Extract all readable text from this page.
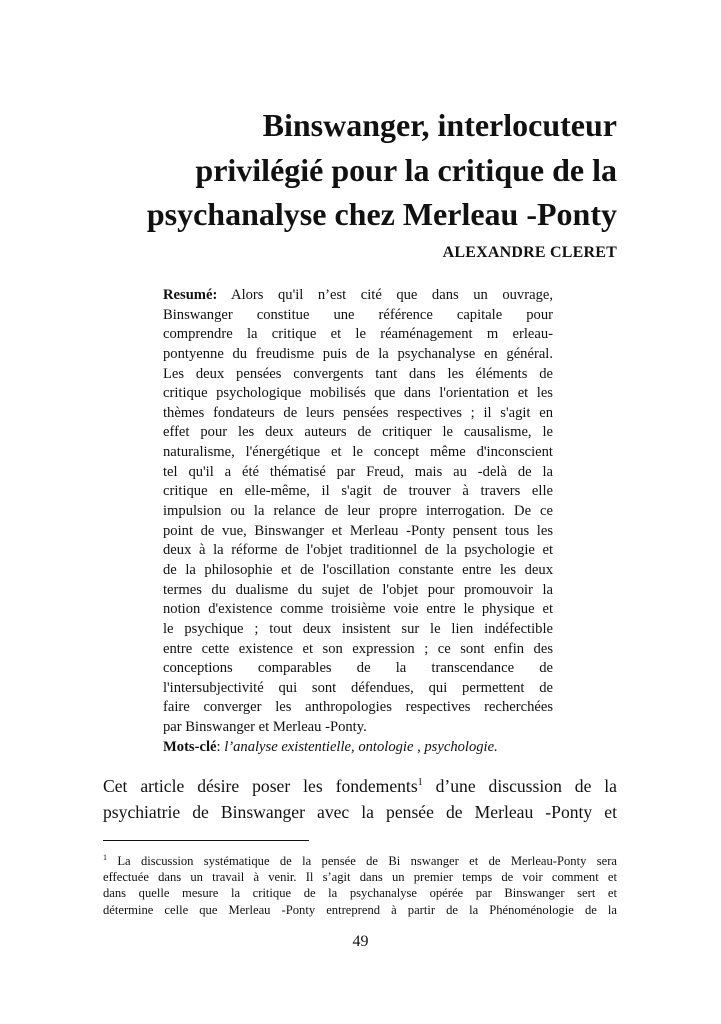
Binswanger, interlocuteur
privilégié pour la critique de la
psychanalyse chez Merleau -Ponty

ALEXANDRE CLERET

Resumé: Alors qu'il n’est cité que dans un ouvrage,
Binswanger constitue une référence capitale pour
comprendre la critique et le réaménagement m erleau-
pontyenne du freudisme puis de la psychanalyse en général.
Les deux pensées convergents tant dans les éléments de
critique psychologique mobilisés que dans l'orientation et les
thèmes fondateurs de leurs pensées respectives ; il s'agit en
effet pour les deux auteurs de critiquer le causalisme, le
naturalisme, l'énergétique et le concept même d'inconscient
tel qu'il a été thématisé par Freud, mais au -delà de la
critique en elle-même, il s'agit de trouver à travers elle
impulsion ou la relance de leur propre interrogation. De ce
point de vue, Binswanger et Merleau -Ponty pensent tous les
deux à la réforme de l'objet traditionnel de la psychologie et
de la philosophie et de l'oscillation constante entre les deux
termes du dualisme du sujet de l'objet pour promouvoir la
notion d'existence comme troisième voie entre le physique et
le psychique ; tout deux insistent sur le lien indéfectible
entre cette existence et son expression ; ce sont enfin des
conceptions comparables de la transcendance de
l'intersubjectivité qui sont défendues, qui permettent de
faire converger les anthropologies respectives recherchées
par Binswanger et Merleau -Ponty.
Mots-clé: l’analyse existentielle, ontologie , psychologie.
Cet article désire poser les fondements$^1$ d’une discussion de la
psychiatrie de Binswanger avec la pensée de Merleau -Ponty et
$^1$ La discussion systématique de la pensée de Bi nswanger et de Merleau-Ponty sera
effectuée dans un travail à venir. Il s’agit dans un premier temps de voir comment et
dans quelle mesure la critique de la psychanalyse opérée par Binswanger sert et
détermine celle que Merleau -Ponty entreprend à partir de la Phénoménologie de la

49
